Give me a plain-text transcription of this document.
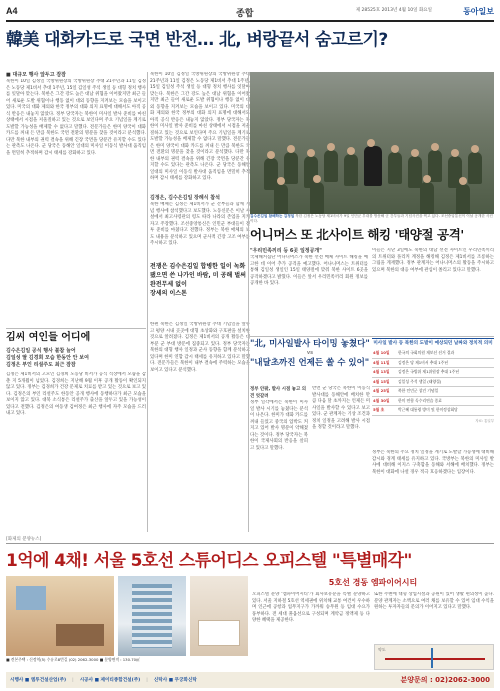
A4	종합	제 28525호 2013년 4월 10일 화요일	동아일보
韓美 대화카드로 국면 반전… 北, 벼랑끝서 숨고르기?
■ 대규모 행사 앞두고 잠잠
북한이 10일 김정일 국방위원장의 국방위원장 추대 21주년과 11일 김정은 노동당 제1비서 추대 1주년, 15일 김일성 주석 생일 등 대형 정치 행사를 잇달아 맞는다. 북한은 그간 강도 높은 대남 위협을 이어왔지만 최근 들어 새로운 도발 위협이나 행동 없이 대외 동향을 지켜보는 모습을 보이고 있다. 미국의 대화 제의와 한국 정부의 대화 의지 표명에 대해서도 아직 공식 반응은 내놓지 않았다. 정부 당국자는 북한이 미사일 발사 준비를 마친 상태에서 시점을 저울질하고 있는 것으로 보인다며 주요 기념일을 계기로 도발할 가능성을 배제할 수 없다고 말했다. 전문가들은 한미 양국이 대화 카드를 꺼내 든 만큼 북한도 국면 전환의 명분을 찾을 것이라고 분석했다. 다만 북한 내부의 권력 결속을 위해 긴장 국면을 당분간 유지할 수도 있다는 관측도 나온다. 군 당국은 동해안 일대의 미사일 이동식 발사대 움직임을 면밀히 추적하며 감시 태세를 강화하고 있다.
북한이 10일 김정일 국방위원장의 국방위원장 추대 21주년과 11일 김정은 노동당 제1비서 추대 1주년, 15일 김일성 주석 생일 등 대형 정치 행사를 잇달아 맞는다. 북한은 그간 강도 높은 대남 위협을 이어왔지만 최근 들어 새로운 도발 위협이나 행동 없이 대외 동향을 지켜보는 모습을 보이고 있다. 미국의 대화 제의와 한국 정부의 대화 의지 표명에 대해서도 아직 공식 반응은 내놓지 않았다. 정부 당국자는 북한이 미사일 발사 준비를 마친 상태에서 시점을 저울질하고 있는 것으로 보인다며 주요 기념일을 계기로 도발할 가능성을 배제할 수 없다고 말했다. 전문가들은 한미 양국이 대화 카드를 꺼내 든 만큼 북한도 국면 전환의 명분을 찾을 것이라고 분석했다. 다만 북한 내부의 권력 결속을 위해 긴장 국면을 당분간 유지할 수도 있다는 관측도 나온다. 군 당국은 동해안 일대의 미사일 이동식 발사대 움직임을 면밀히 추적하며 감시 태세를 강화하고 있다.
김정은, 김수은김일 장례식 참석
북한 매체는 김정은 제1비서가 군 간부들과 함께 기념 행사에 참석했다고 보도했다. 노동신문은 이날 사설에서 최고사령관의 령도 따라 나라의 존엄을 지키자고 주장했다. 조선중앙통신은 인민군 부대들이 전투 준비를 마쳤다고 전했다. 정부는 북한 매체의 보도 내용을 분석하고 있으며 군사적 긴장 고조 여부를 주시하고 있다.
김수은김일 참배하는 김정일 북한 김정은 노동당 제1비서가 9일 인민군 부대를 방문해 군 간부들과 기념사진을 찍고 있다. 조선중앙통신이 이날 공개한 사진이다.
어니머스 또 北사이트 해킹 '태양절 공격'
"우리민족끼리 등 6곳 일정공개"
국제해커집단 어나니머스가 북한 선전 매체 사이트 해킹을 예고한 데 이어 추가 공격을 예고했다. 어나니머스는 트위터를 통해 김일성 생일인 15일 태양절에 맞춰 북한 사이트 6곳을 공격하겠다고 밝혔다. 이들은 앞서 우리민족끼리 회원 정보를 공개한 바 있다.
이들은 지난 3일에도 북한의 대남 선전 사이트인 우리민족끼리의 트위터와 플리커 계정을 해킹해 김정은 제1비서를 조롱하는 그림을 게재했다. 정부 관계자는 어나니머스의 활동을 주시하고 있으며 북한의 대응 여부에 관심이 쏠리고 있다고 말했다.

전쟁은 김수은김일 합병한 일이 녹화됐으면 쓴 나가인 바람, 미 공해 벌써 완전무세 없이

장세의 이스톤

김씨 여인들 어디에
김수은김일 공식 행사 불참 늘어
김일성 딸 김경희 모습 한동안 안 보여
김정은 부인 리설주도 최근 잠잠
김정은 제1비서의 고모인 김경희 노동당 비서가 공식 석상에서 모습을 감춘 지 5개월이 넘었다. 김경희는 지난해 9월 이후 공개 활동이 확인되지 않고 있다. 정부는 김경희가 건강 문제로 치료를 받고 있는 것으로 보고 있다. 김정은의 부인 리설주도 한동안 공개 행사에 동행하다가 최근 모습을 보이지 않고 있다. 대북 소식통은 리설주가 출산을 앞두고 있을 가능성이 있다고 전했다. 김정은의 여동생 김여정은 최근 행사에 자주 모습을 드러내고 있다.
한편 북한은 김정일 국방위원장 추대 기념일을 앞두고 평양 시내 곳곳에 대형 초상화와 구호판을 설치한 것으로 알려졌다. 김정은 제1비서의 공개 활동은 대부분 군 부대 방문에 집중되고 있다. 정부 당국자는 북한의 대형 행사 일정과 군사 동향을 함께 분석하고 있다며 한미 연합 감시 태세를 유지하고 있다고 말했다. 전문가들은 북한이 내부 결속에 주력하는 모습을 보이고 있다고 분석했다.
"北, 미사일발사 타이밍 놓쳤다"
vs
"내달초까진 언제든 쏠 수 있어"
정부 안팎, 발사 시점 놓고 의견 엇갈려
정부 일각에서는 북한이 미사일 발사 시기를 놓쳤다는 분석이 나온다. 한미가 대화 카드를 꺼내 들었고 중국의 압박도 커지고 있어 발사 명분이 약해졌다는 것이다. 정부 당국자는 북한이 국제사회의 반응을 살피고 있다고 말했다.
반면 군 당국은 북한이 이동식 발사대를 동해안에 배치한 만큼 다음 달 초까지는 언제든 미사일을 발사할 수 있다고 보고 있다. 군 관계자는 기상 조건과 정치 일정을 고려해 발사 시점을 정할 것이라고 말했다.
미사일 발사 등 북한의 도발이 예상되던 날짜와 정치적 의미
4월 10일	한국의 국회의원 재보선 선거 결과
4월 11일	김정은 당 제1비서 추대 1주년
4월 13일	김정은 국방위 제1위원장 추대 1주년
4월 15일	김일성 주석 생일 (태양절)
4월 25일	북한 인민군 창건 기념일
4월 30일	한미 연합 독수리연습 종료
5월 초	박근혜 대통령 방미 및 한미정상회담
자료: 통일부
정부는 북한의 주요 정치 일정을 계기로 도발할 가능성에 대비해 감시와 경계 태세를 유지하고 있다. 국방부는 북한의 미사일 발사에 대비해 이지스 구축함을 동해와 서해에 배치했다. 정부는 북한이 대화에 나설 경우 적극 호응하겠다는 입장이다.
[화제의 분양뉴스]
1억에 4채! 서울 5호선 스튜어디스 오피스텔 "특별매각"
■ 견본주택 : 신정역(5) 수유로8번길 (02) 2062-3000 ■ 분양면적 : 130.70㎡
5호선 경동 엠파이어시티
오피스텔 분양 '엠파이어시티'가 회사보유분을 특별 분양하고 있다. 서울 지하철 5호선 역세권에 위치해 교통 여건이 우수하며 인근에 공항과 업무지구가 가까워 승무원 등 임대 수요가 풍부하다. 전 세대 풀옵션으로 구성되며 계약금 정액제 등 다양한 혜택을 제공한다.
또한 주변에 대형 상업시설과 공원이 있어 생활 편의성이 높다. 분양 관계자는 소액으로 여러 채를 보유할 수 있어 임대 수익을 원하는 투자자들의 문의가 이어지고 있다고 말했다.
약도
시행사 ■ 엠투건설산업(주) | 시공사 ■ 제이티종합건설(주) | 신탁사 ■ 무궁화신탁	분양문의 : 02)2062-3000
